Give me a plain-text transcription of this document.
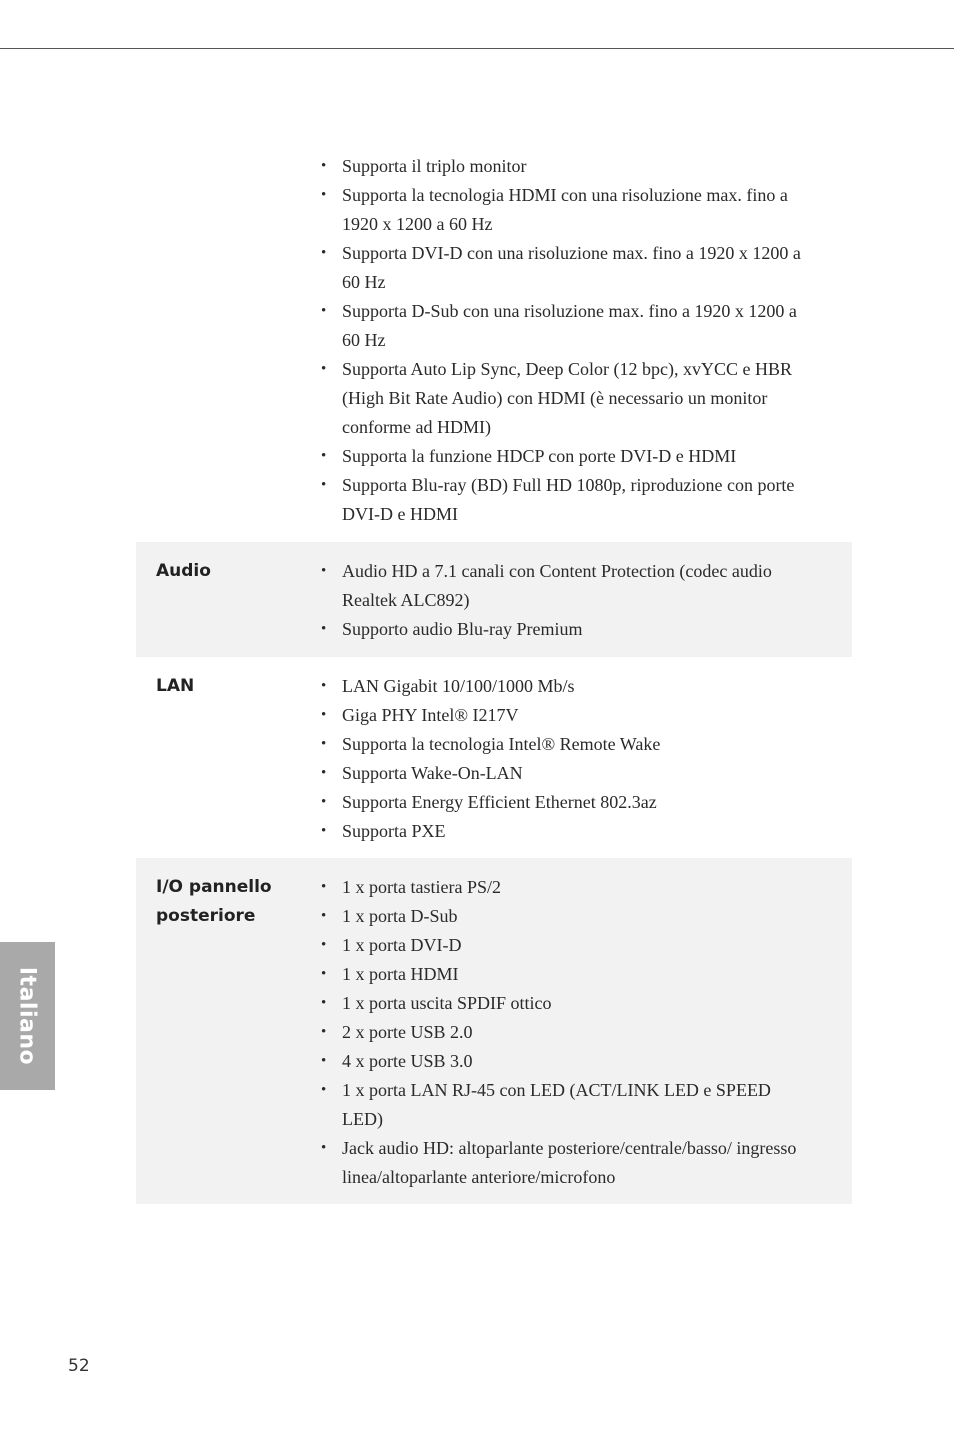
• Supporta il triplo monitor
• Supporta la tecnologia HDMI con una risoluzione max. fino a 1920 x 1200 a 60 Hz
• Supporta DVI-D con una risoluzione max. fino a 1920 x 1200 a 60 Hz
• Supporta D-Sub con una risoluzione max. fino a 1920 x 1200 a 60 Hz
• Supporta Auto Lip Sync, Deep Color (12 bpc), xvYCC e HBR (High Bit Rate Audio) con HDMI (è necessario un monitor conforme ad HDMI)
• Supporta la funzione HDCP con porte DVI-D e HDMI
• Supporta Blu-ray (BD) Full HD 1080p, riproduzione con porte DVI-D e HDMI
Audio	• Audio HD a 7.1 canali con Content Protection (codec audio Realtek ALC892)
• Supporto audio Blu-ray Premium
LAN	• LAN Gigabit 10/100/1000 Mb/s
• Giga PHY Intel® I217V
• Supporta la tecnologia Intel® Remote Wake
• Supporta Wake-On-LAN
• Supporta Energy Efficient Ethernet 802.3az
• Supporta PXE
I/O pannello posteriore
• 1 x porta tastiera PS/2
• 1 x porta D-Sub
• 1 x porta DVI-D
• 1 x porta HDMI
• 1 x porta uscita SPDIF ottico
• 2 x porte USB 2.0
• 4 x porte USB 3.0
• 1 x porta LAN RJ-45 con LED (ACT/LINK LED e SPEED LED)
• Jack audio HD: altoparlante posteriore/centrale/basso/ ingresso linea/altoparlante anteriore/microfono
Italiano
52
